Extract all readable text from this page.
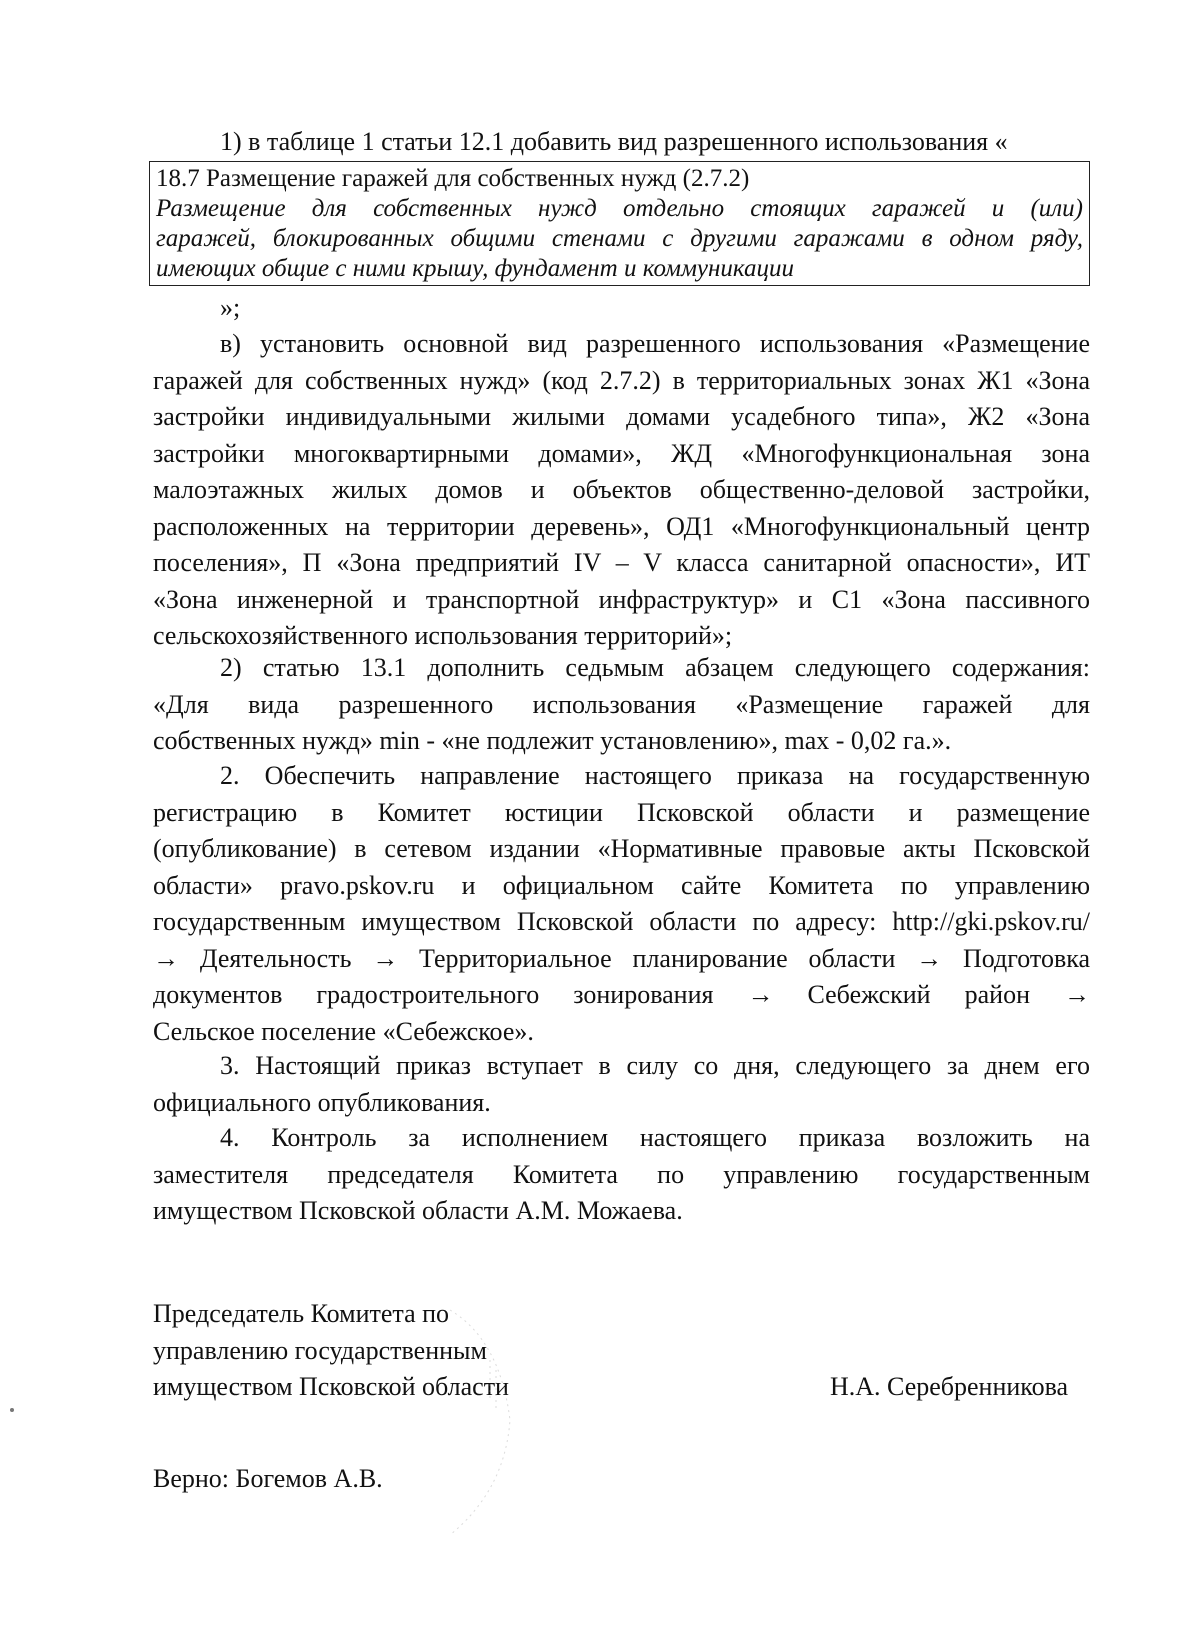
1) в таблице 1 статьи 12.1 добавить вид разрешенного использования «
18.7 Размещение гаражей для собственных нужд (2.7.2)
Размещение для собственных нужд отдельно стоящих гаражей и (или)
гаражей, блокированных общими стенами с другими гаражами в одном ряду,
имеющих общие с ними крышу, фундамент и коммуникации
»;
в) установить основной вид разрешенного использования «Размещение
гаражей для собственных нужд» (код 2.7.2) в территориальных зонах Ж1 «Зона
застройки индивидуальными жилыми домами усадебного типа», Ж2 «Зона
застройки многоквартирными домами», ЖД «Многофункциональная зона
малоэтажных жилых домов и объектов общественно-деловой застройки,
расположенных на территории деревень», ОД1 «Многофункциональный центр
поселения», П «Зона предприятий IV – V класса санитарной опасности», ИТ
«Зона инженерной и транспортной инфраструктур» и С1 «Зона пассивного
сельскохозяйственного использования территорий»;
2) статью 13.1 дополнить седьмым абзацем следующего содержания:
«Для вида разрешенного использования «Размещение гаражей для
собственных нужд» min - «не подлежит установлению», max - 0,02 га.».
2. Обеспечить направление настоящего приказа на государственную
регистрацию в Комитет юстиции Псковской области и размещение
(опубликование) в сетевом издании «Нормативные правовые акты Псковской
области» pravo.pskov.ru и официальном сайте Комитета по управлению
государственным имуществом Псковской области по адресу: http://gki.pskov.ru/
→ Деятельность → Территориальное планирование области → Подготовка
документов градостроительного зонирования → Себежский район →
Сельское поселение «Себежское».
3. Настоящий приказ вступает в силу со дня, следующего за днем его
официального опубликования.
4. Контроль за исполнением настоящего приказа возложить на
заместителя председателя Комитета по управлению государственным
имуществом Псковской области А.М. Можаева.
Председатель Комитета по
управлению государственным
имуществом Псковской области	Н.А. Серебренникова
Верно: Богемов А.В.
